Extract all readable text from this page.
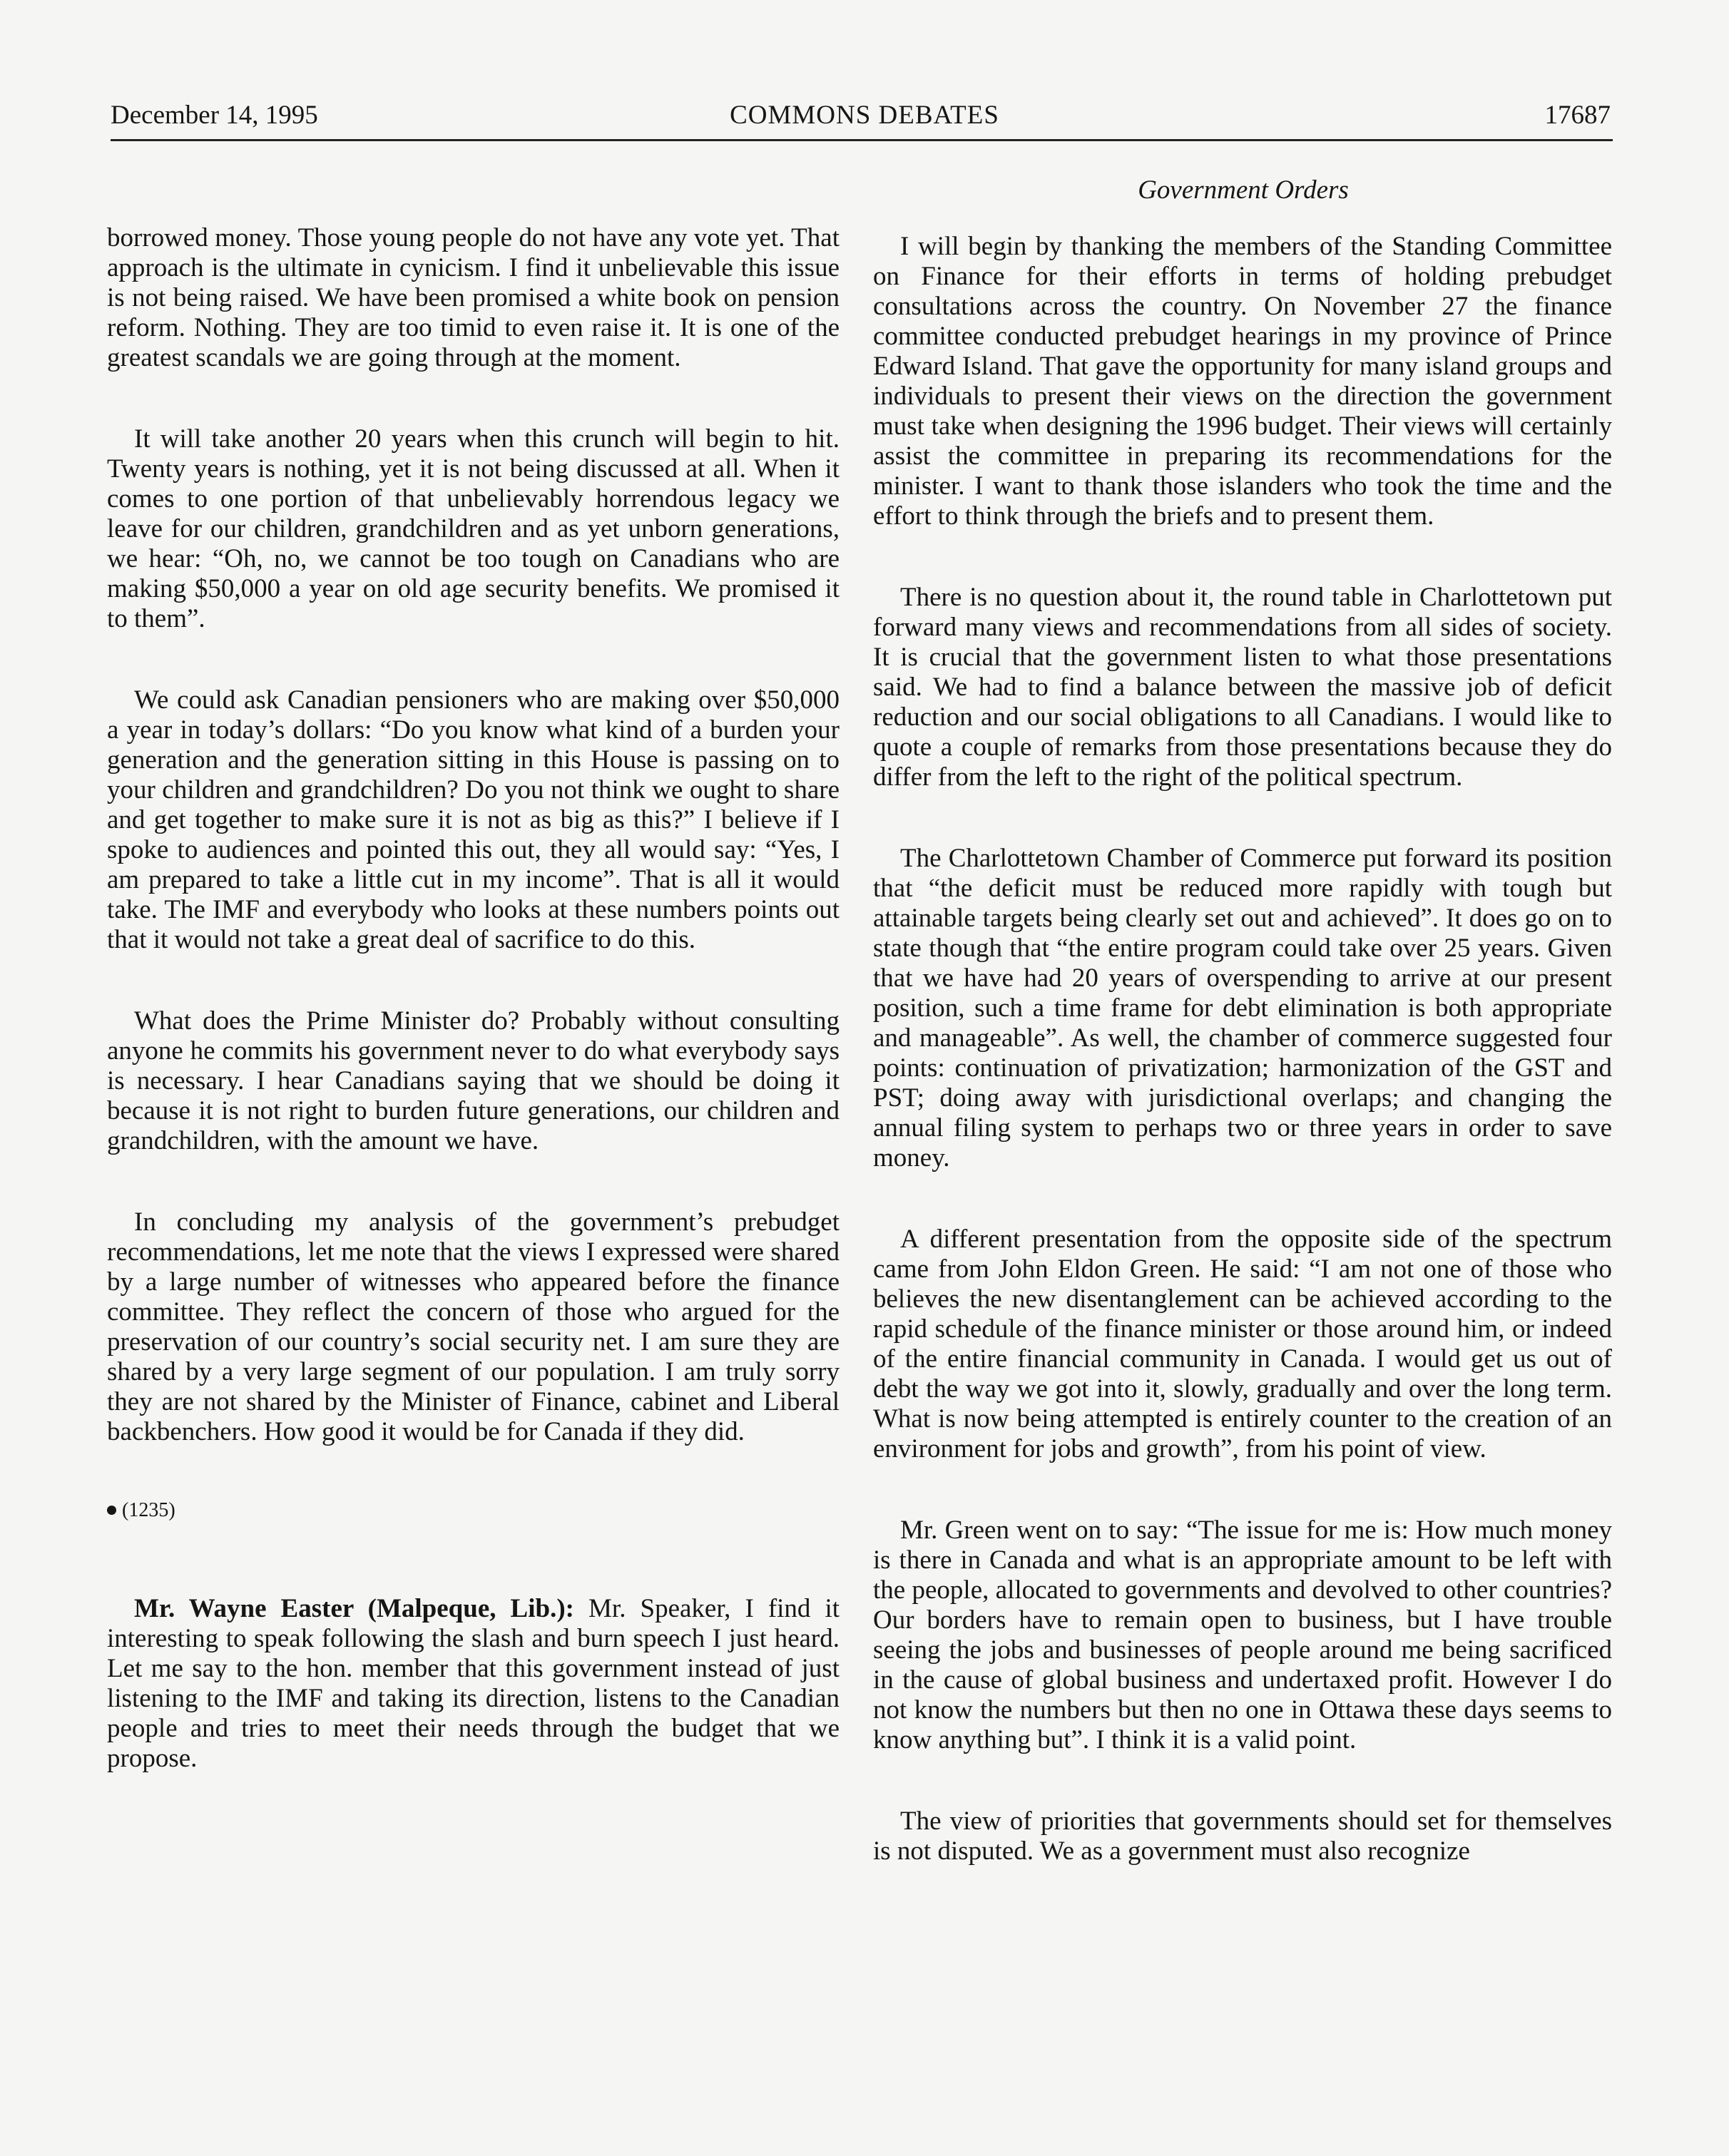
December 14, 1995	COMMONS DEBATES	17687
Government Orders

borrowed money. Those young people do not have any vote yet. That approach is the ultimate in cynicism. I find it unbelievable this issue is not being raised. We have been promised a white book on pension reform. Nothing. They are too timid to even raise it. It is one of the greatest scandals we are going through at the moment.

It will take another 20 years when this crunch will begin to hit. Twenty years is nothing, yet it is not being discussed at all. When it comes to one portion of that unbelievably horrendous legacy we leave for our children, grandchildren and as yet unborn generations, we hear: “Oh, no, we cannot be too tough on Canadians who are making $50,000 a year on old age security benefits. We promised it to them”.

We could ask Canadian pensioners who are making over $50,000 a year in today’s dollars: “Do you know what kind of a burden your generation and the generation sitting in this House is passing on to your children and grandchildren? Do you not think we ought to share and get together to make sure it is not as big as this?” I believe if I spoke to audiences and pointed this out, they all would say: “Yes, I am prepared to take a little cut in my income”. That is all it would take. The IMF and everybody who looks at these numbers points out that it would not take a great deal of sacrifice to do this.

What does the Prime Minister do? Probably without consulting anyone he commits his government never to do what everybody says is necessary. I hear Canadians saying that we should be doing it because it is not right to burden future generations, our children and grandchildren, with the amount we have.

In concluding my analysis of the government’s prebudget recommendations, let me note that the views I expressed were shared by a large number of witnesses who appeared before the finance committee. They reflect the concern of those who argued for the preservation of our country’s social security net. I am sure they are shared by a very large segment of our population. I am truly sorry they are not shared by the Minister of Finance, cabinet and Liberal backbenchers. How good it would be for Canada if they did.

(1235)

Mr. Wayne Easter (Malpeque, Lib.): Mr. Speaker, I find it interesting to speak following the slash and burn speech I just heard. Let me say to the hon. member that this government instead of just listening to the IMF and taking its direction, listens to the Canadian people and tries to meet their needs through the budget that we propose.

I will begin by thanking the members of the Standing Committee on Finance for their efforts in terms of holding prebudget consultations across the country. On November 27 the finance committee conducted prebudget hearings in my province of Prince Edward Island. That gave the opportunity for many island groups and individuals to present their views on the direction the government must take when designing the 1996 budget. Their views will certainly assist the committee in preparing its recommendations for the minister. I want to thank those islanders who took the time and the effort to think through the briefs and to present them.

There is no question about it, the round table in Charlottetown put forward many views and recommendations from all sides of society. It is crucial that the government listen to what those presentations said. We had to find a balance between the massive job of deficit reduction and our social obligations to all Canadians. I would like to quote a couple of remarks from those presentations because they do differ from the left to the right of the political spectrum.

The Charlottetown Chamber of Commerce put forward its position that “the deficit must be reduced more rapidly with tough but attainable targets being clearly set out and achieved”. It does go on to state though that “the entire program could take over 25 years. Given that we have had 20 years of overspending to arrive at our present position, such a time frame for debt elimination is both appropriate and manageable”. As well, the chamber of commerce suggested four points: continuation of privatization; harmonization of the GST and PST; doing away with jurisdictional overlaps; and changing the annual filing system to perhaps two or three years in order to save money.

A different presentation from the opposite side of the spectrum came from John Eldon Green. He said: “I am not one of those who believes the new disentanglement can be achieved according to the rapid schedule of the finance minister or those around him, or indeed of the entire financial community in Canada. I would get us out of debt the way we got into it, slowly, gradually and over the long term. What is now being attempted is entirely counter to the creation of an environment for jobs and growth”, from his point of view.

Mr. Green went on to say: “The issue for me is: How much money is there in Canada and what is an appropriate amount to be left with the people, allocated to governments and devolved to other countries? Our borders have to remain open to business, but I have trouble seeing the jobs and businesses of people around me being sacrificed in the cause of global business and undertaxed profit. However I do not know the numbers but then no one in Ottawa these days seems to know anything but”. I think it is a valid point.

The view of priorities that governments should set for themselves is not disputed. We as a government must also recognize
